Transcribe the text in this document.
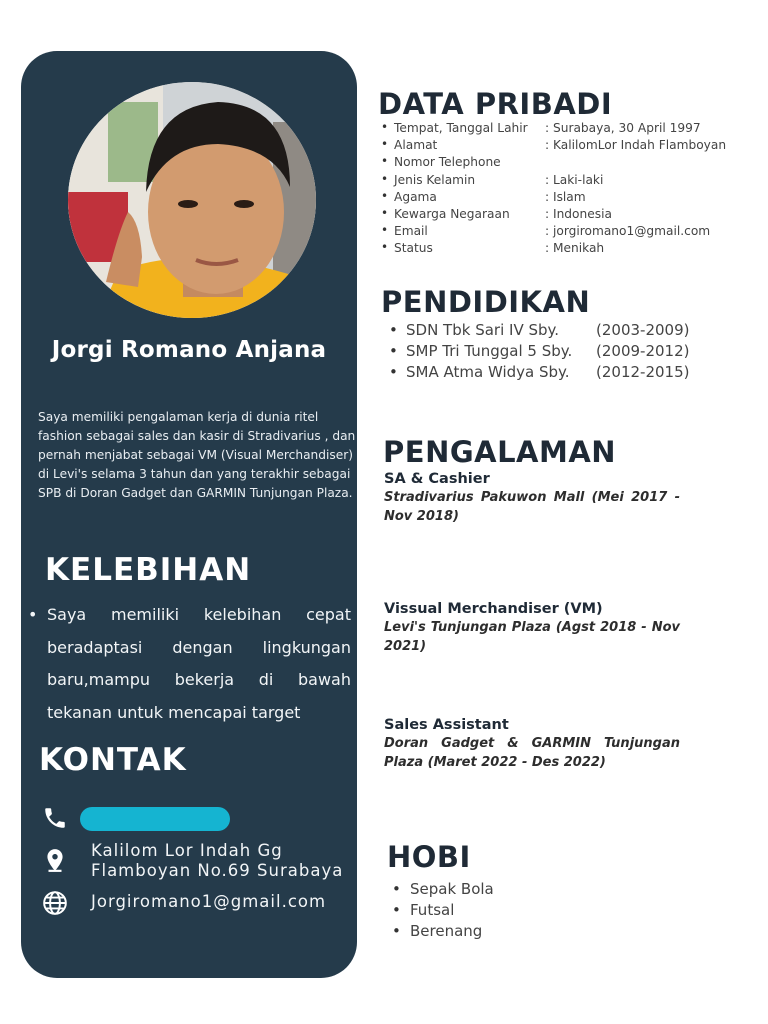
Jorgi Romano Anjana

Saya memiliki pengalaman kerja di dunia ritel fashion sebagai sales dan kasir di Stradivarius , dan pernah menjabat sebagai VM (Visual Merchandiser) di Levi's selama 3 tahun dan yang terakhir sebagai SPB di Doran Gadget dan GARMIN Tunjungan Plaza.

KELEBIHAN
• Saya memiliki kelebihan cepat beradaptasi dengan lingkungan baru,mampu bekerja di bawah tekanan untuk mencapai target
KONTAK
Kalilom Lor Indah Gg
Flamboyan No.69 Surabaya
Jorgiromano1@gmail.com
DATA PRIBADI
• Tempat, Tanggal Lahir : Surabaya, 30 April 1997
• Alamat	: KalilomLor Indah Flamboyan
• Nomor Telephone
• Jenis Kelamin	: Laki-laki
• Agama	: Islam
• Kewarga Negaraan	: Indonesia
• Email	: jorgiromano1@gmail.com
• Status	: Menikah
PENDIDIKAN
• SDN Tbk Sari IV Sby. (2003-2009)
• SMP Tri Tunggal 5 Sby. (2009-2012)
• SMA Atma Widya Sby. (2012-2015)
PENGALAMAN
SA & Cashier
Stradivarius Pakuwon Mall (Mei 2017 - Nov 2018)
Vissual Merchandiser (VM)
Levi's Tunjungan Plaza (Agst 2018 - Nov 2021)
Sales Assistant
Doran Gadget & GARMIN Tunjungan Plaza (Maret 2022 - Des 2022)
HOBI
• Sepak Bola
• Futsal
• Berenang
